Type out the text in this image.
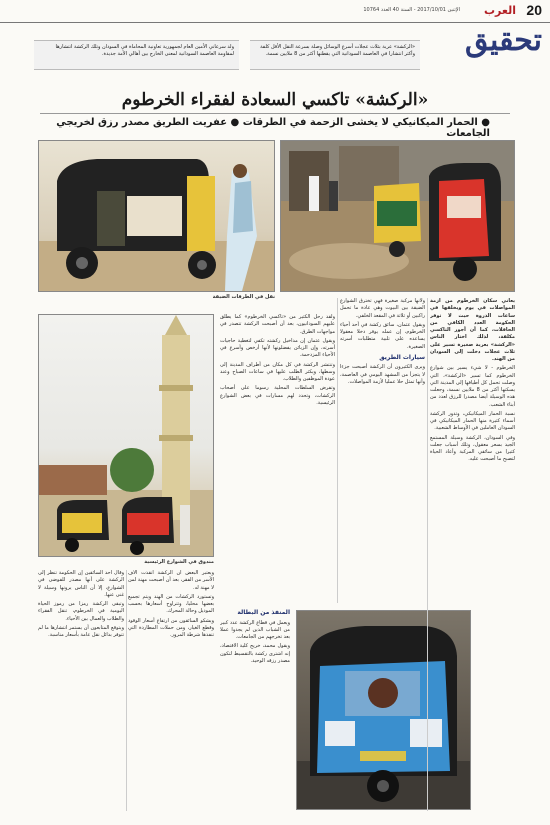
20
العرب
الإثنين 2017/10/01 - السنة 40 العدد 10764
تحقيق
«الركشة» عربة بثلاث عجلات أسرع الوسائل وصلة بسرعة النقل الأقل كلفة وأكثر انتشارا في العاصمة السودانية التي يقطنها أكثر من 8 ملايين نسمة.
ولد سرعاني الأمين العام لجمهورية تعاونية المحاماة في السودان وتلك الركشة انتشارها لمقاومة العاصمة السودانية لمعنى الخارج بين أهالي الأمة جديدة.
«الركشة» تاكسي السعادة لفقراء الخرطوم
● الحمار الميكانيكي لا يخشى الزحمة في الطرقات ● عفريت الطريق مصدر رزق لخريجي الجامعات
نقل في الطرقات الضيقة
مندوق في الشوارع الرئيسية

يعاني سكان الخرطوم من أزمة المواصلات في يوم ويخلفها في ساعات الذروة حيث لا توفر الحكومة العدد الكافي من الحافلات، كما أن أجور التاكسي مكلفة، لذلك اختار الناس «الركشة» بعربة صغيرة تسير على ثلاث عجلات دخلت إلى السودان من الهند.

الخرطوم - لا شيء يسير بين شوارع الخرطوم كما تسير «الركشة»، التي وصلت تحمل كل أطيافها إلى المدينة التي يسكنها أكثر من 8 ملايين نسمة، وجعلت هذه الوسيلة أيضا مصدرا للرزق لعدد من أبناء الشعب.

نسبة الحمار الميكانيكي، وتدور الركشة أسماء كثيرة منها الحمار الميكانيكي في السودان العاملين في الأوساط الشعبية.

وفي السودان، الركشة وسيلة المستمع الجيد بسعر معقول، وتلك أسباب جعلت كثيرا من سائقي المركبة وأعاد الحياة لتصبح ما أصبحت عليه.

ولأنها مركبة صغيرة فهي تخترق الشوارع الضيقة بين البيوت وهي عادة ما تحمل راكبين أو ثلاثة في المقعد الخلفي.

ويقول عثمان، سائق ركشة في أحد أحياء الخرطوم، إن عمله يوفر دخلا معقولا يساعده على تلبية متطلبات أسرته الصغيرة.

سيارات الطريق

ويرى الكثيرون أن الركشة أصبحت جزءا لا يتجزأ من المشهد اليومي في العاصمة، وأنها تمثل حلا عمليا لأزمة المواصلات.

ولقد رحل الكثير من «تاكسي الخرطوم» كما يطلق عليهم السودانيون، بعد أن أصبحت الركشة تتصدر في مواجهات الطرق.

ويقول عثمان إن مداخيل ركشته تكفي لتغطية حاجيات أسرته، وإن الزبائن يفضلونها لأنها أرخص وأسرع في الأحياء المزدحمة.

وتنتشر الركشة في كل مكان من أطراف المدينة إلى وسطها، ويكثر الطلب عليها في ساعات الصباح وعند عودة الموظفين والطلاب.

وتفرض السلطات المحلية رسوما على أصحاب الركشات، وتحدد لهم مسارات في بعض الشوارع الرئيسية.

المنفذ من البطالة

ويعمل في قطاع الركشة عدد كبير من الشباب الذين لم يجدوا عملا بعد تخرجهم من الجامعات.

ويقول محمد، خريج كلية الاقتصاد، إنه اشترى ركشة بالتقسيط لتكون مصدر رزقه الوحيد.

ويعتبر البعض أن الركشة أنقذت آلاف الأسر من الفقر، بعد أن أصبحت مهنة لمن لا مهنة له.

وتستورد الركشات من الهند ويتم تجميع بعضها محليا، وتتراوح أسعارها بحسب الموديل وحالة المحرك.

ويشكو السائقون من ارتفاع أسعار الوقود وقطع الغيار، ومن حملات المطاردة التي تنفذها شرطة المرور.

وقال أحد السائقين إن الحكومة تنظر إلى الركشة على أنها مصدر للفوضى في الشوارع، إلا أن الناس يرونها وسيلة لا غنى عنها.

وتبقى الركشة رمزا من رموز الحياة اليومية في الخرطوم، تنقل الفقراء والطلاب والعمال بين الأحياء.

ويتوقع المتابعون أن يستمر انتشارها ما لم تتوفر بدائل نقل عامة بأسعار مناسبة.
